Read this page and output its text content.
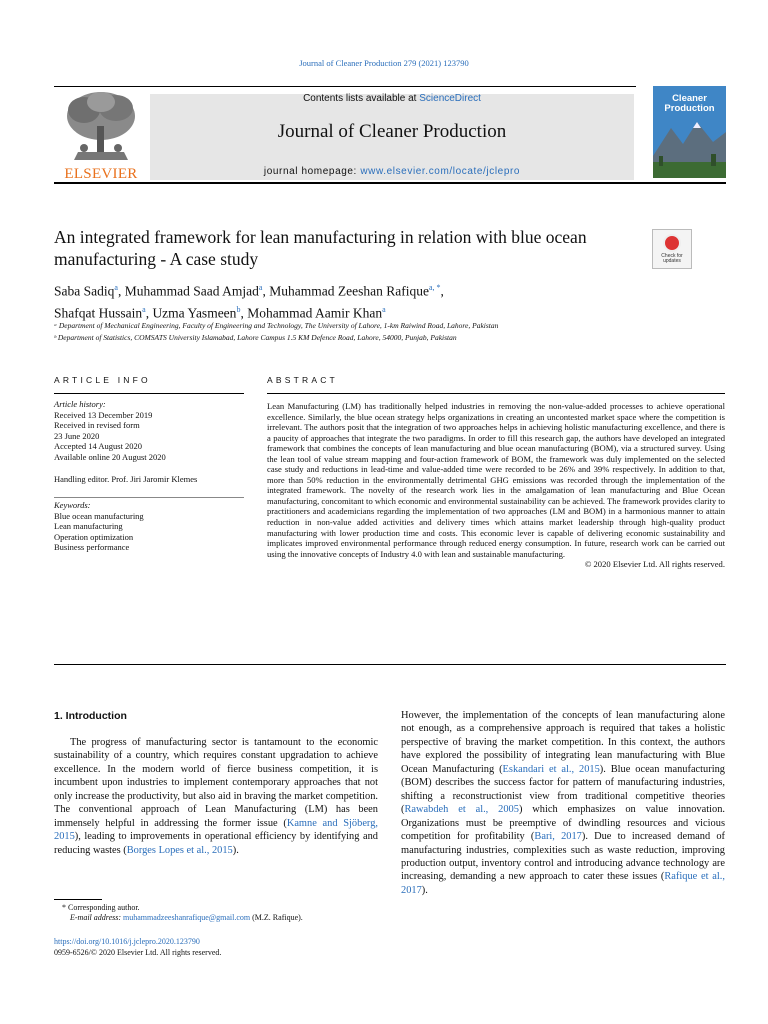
Journal of Cleaner Production 279 (2021) 123790
ELSEVIER
Contents lists available at ScienceDirect
Journal of Cleaner Production
journal homepage: www.elsevier.com/locate/jclepro
Cleaner Production
An integrated framework for lean manufacturing in relation with blue ocean manufacturing - A case study	Check for updates
Saba Sadiq$^a$, Muhammad Saad Amjad$^a$, Muhammad Zeeshan Rafique$^{a, *}$,
Shafqat Hussain$^a$, Uzma Yasmeen$^b$, Mohammad Aamir Khan$^a$
ᵃ Department of Mechanical Engineering, Faculty of Engineering and Technology, The University of Lahore, 1-km Raiwind Road, Lahore, Pakistan
ᵇ Department of Statistics, COMSATS University Islamabad, Lahore Campus 1.5 KM Defence Road, Lahore, 54000, Punjab, Pakistan
ARTICLE INFO	ABSTRACT
Article history:
Received 13 December 2019
Received in revised form
23 June 2020
Accepted 14 August 2020
Available online 20 August 2020
Handling editor. Prof. Jiri Jaromir Klemes
Keywords:
Blue ocean manufacturing
Lean manufacturing
Operation optimization
Business performance
Lean Manufacturing (LM) has traditionally helped industries in removing the non-value-added processes to achieve operational excellence. Similarly, the blue ocean strategy helps organizations in creating an uncontested market space where the competition is irrelevant. The authors posit that the integration of two approaches helps in achieving holistic manufacturing excellence, and there is a paucity of approaches that integrate the two paradigms. In order to fill this research gap, the authors have developed an integrated framework that combines the concepts of lean manufacturing and blue ocean manufacturing (BOM), via a structured survey. Using the lean tool of value stream mapping and four-action framework of BOM, the framework was duly implemented on the selected case study and reductions in lead-time and value-added time were recorded to be 26% and 39% respectively. In addition to that, more than 50% reduction in the environmentally detrimental GHG emissions was recorded through the implementation of the integrated framework. The novelty of the research work lies in the amalgamation of lean manufacturing and Blue Ocean manufacturing, concomitant to which economic and environmental sustainability can be achieved. The framework provides clarity to practitioners and academicians regarding the implementation of two approaches (LM and BOM) in a harmonious manner to attain reduction in non-value added activities and delivery times which attains market leadership through high-quality product manufacturing with lower production time and costs. This economic lever is capable of delivering economic sustainability and implicates improved environmental performance through reduced energy consumption. In future, research work can be carried out using the innovative concepts of Industry 4.0 with lean and sustainable manufacturing.
© 2020 Elsevier Ltd. All rights reserved.
1. Introduction
The progress of manufacturing sector is tantamount to the economic sustainability of a country, which requires constant upgradation to achieve excellence. In the modern world of fierce business competition, it is incumbent upon industries to implement contemporary approaches that not only increase the productivity, but also aid in braving the market competition. The conventional approach of Lean Manufacturing (LM) has been immensely helpful in addressing the former issue (Kamne and Sjöberg, 2015), leading to improvements in operational efficiency by identifying and reducing wastes (Borges Lopes et al., 2015).
However, the implementation of the concepts of lean manufacturing alone not enough, as a comprehensive approach is required that takes a holistic perspective of braving the market competition. In this context, the authors have explored the possibility of integrating lean manufacturing with Blue Ocean Manufacturing (Eskandari et al., 2015). Blue ocean manufacturing (BOM) describes the success factor for pattern of manufacturing industries, shifting a reconstructionist view from traditional competitive theories (Rawabdeh et al., 2005) which emphasizes on value innovation. Organizations must be preemptive of dwindling resources and vicious competition for profitability (Bari, 2017). Due to increased demand of manufacturing industries, complexities such as waste reduction, improving production output, inventory control and introducing advance technology are increasing, demanding a new approach to cater these issues (Rafique et al., 2017).
* Corresponding author.
E-mail address: muhammadzeeshanrafique@gmail.com (M.Z. Rafique).
https://doi.org/10.1016/j.jclepro.2020.123790
0959-6526/© 2020 Elsevier Ltd. All rights reserved.
